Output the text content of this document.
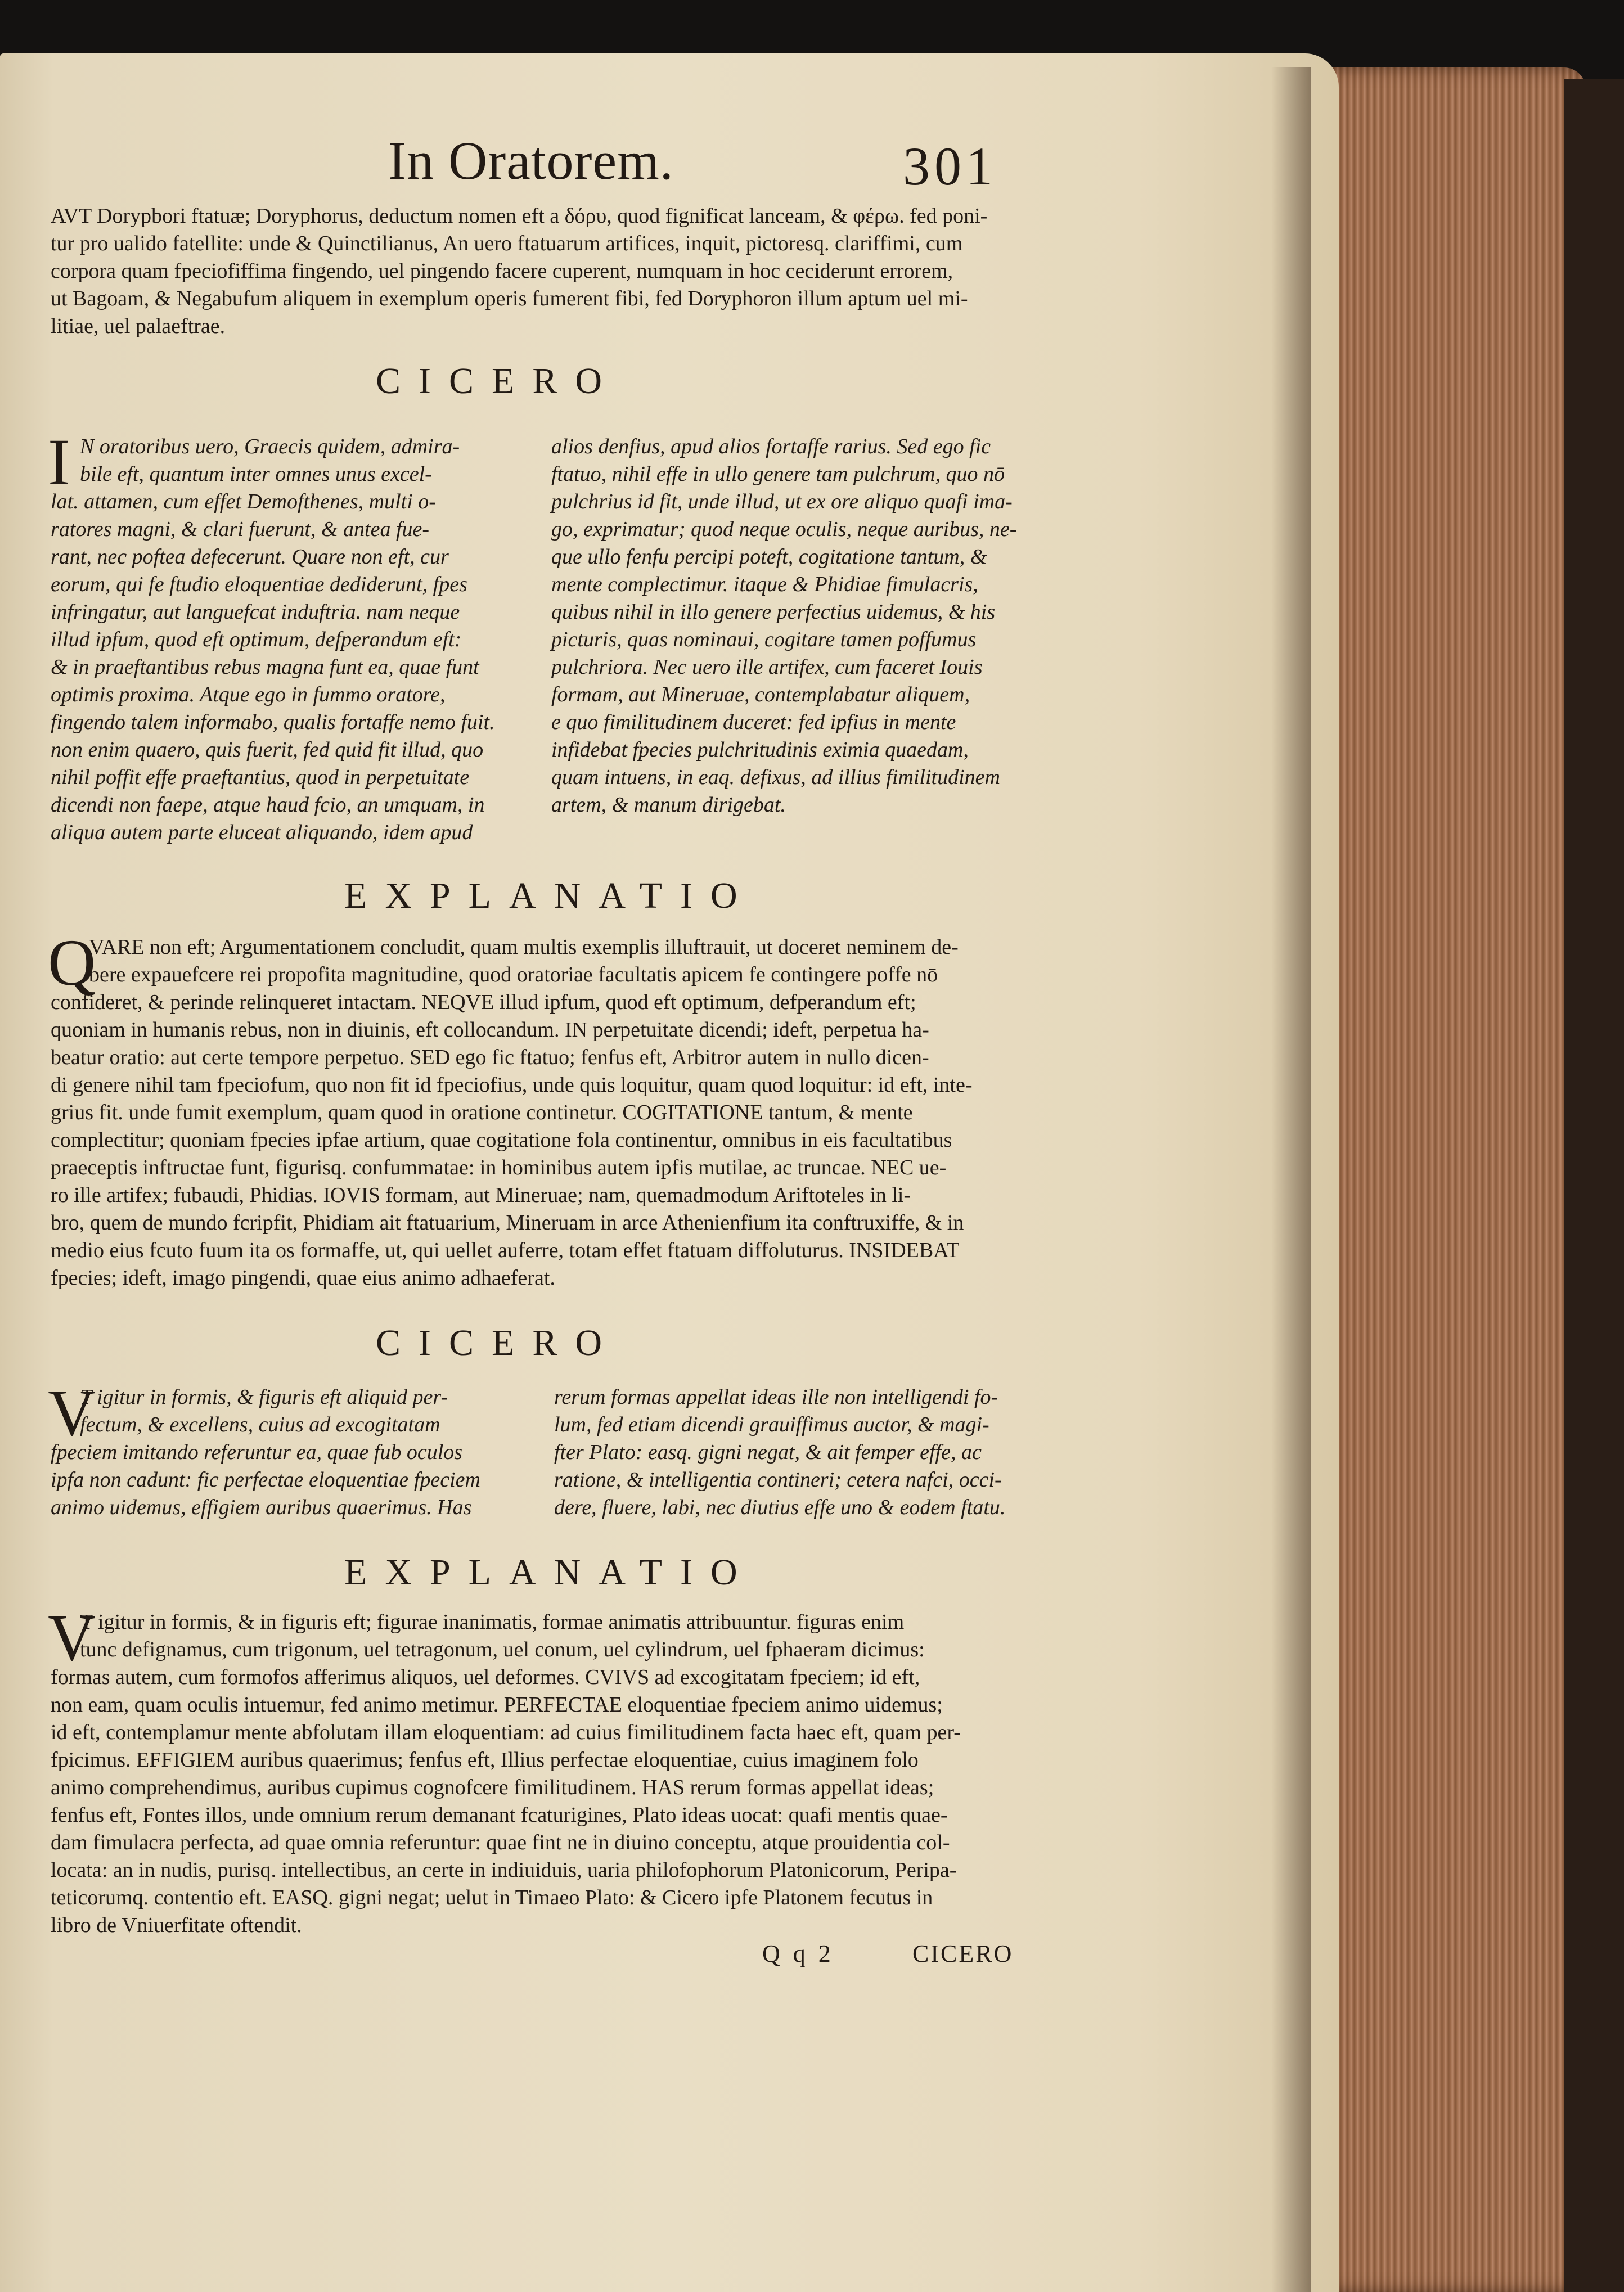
In Oratorem.	301
AVT Dorypbori ftatuæ; Doryphorus, deductum nomen eft a δόρυ, quod fignificat lanceam, & φέρω. fed poni-
tur pro ualido fatellite: unde & Quinctilianus, An uero ftatuarum artifices, inquit, pictoresq. clariffimi, cum
corpora quam fpeciofiffima fingendo, uel pingendo facere cuperent, numquam in hoc ceciderunt errorem,
ut Bagoam, & Negabufum aliquem in exemplum operis fumerent fibi, fed Doryphoron illum aptum uel mi-
litiae, uel palaeftrae.
CICERO
I N oratoribus uero, Graecis quidem, admira-
bile eft, quantum inter omnes unus excel-
lat. attamen, cum effet Demofthenes, multi o-
ratores magni, & clari fuerunt, & antea fue-
rant, nec poftea defecerunt. Quare non eft, cur
eorum, qui fe ftudio eloquentiae dediderunt, fpes
infringatur, aut languefcat induftria. nam neque
illud ipfum, quod eft optimum, defperandum eft:
& in praeftantibus rebus magna funt ea, quae funt
optimis proxima. Atque ego in fummo oratore,
fingendo talem informabo, qualis fortaffe nemo fuit.
non enim quaero, quis fuerit, fed quid fit illud, quo
nihil poffit effe praeftantius, quod in perpetuitate
dicendi non faepe, atque haud fcio, an umquam, in
aliqua autem parte eluceat aliquando, idem apud
alios denfius, apud alios fortaffe rarius. Sed ego fic
ftatuo, nihil effe in ullo genere tam pulchrum, quo nō
pulchrius id fit, unde illud, ut ex ore aliquo quafi ima-
go, exprimatur; quod neque oculis, neque auribus, ne-
que ullo fenfu percipi poteft, cogitatione tantum, &
mente complectimur. itaque & Phidiae fimulacris,
quibus nihil in illo genere perfectius uidemus, & his
picturis, quas nominaui, cogitare tamen poffumus
pulchriora. Nec uero ille artifex, cum faceret Iouis
formam, aut Mineruae, contemplabatur aliquem,
e quo fimilitudinem duceret: fed ipfius in mente
infidebat fpecies pulchritudinis eximia quaedam,
quam intuens, in eaq. defixus, ad illius fimilitudinem
artem, & manum dirigebat.
EXPLANATIO
Q
VARE non eft; Argumentationem concludit, quam multis exemplis illuftrauit, ut doceret neminem de-
bere expauefcere rei propofita magnitudine, quod oratoriae facultatis apicem fe contingere poffe nō
confideret, & perinde relinqueret intactam. NEQVE illud ipfum, quod eft optimum, defperandum eft;
quoniam in humanis rebus, non in diuinis, eft collocandum. IN perpetuitate dicendi; ideft, perpetua ha-
beatur oratio: aut certe tempore perpetuo. SED ego fic ftatuo; fenfus eft, Arbitror autem in nullo dicen-
di genere nihil tam fpeciofum, quo non fit id fpeciofius, unde quis loquitur, quam quod loquitur: id eft, inte-
grius fit. unde fumit exemplum, quam quod in oratione continetur. COGITATIONE tantum, & mente
complectitur; quoniam fpecies ipfae artium, quae cogitatione fola continentur, omnibus in eis facultatibus
praeceptis inftructae funt, figurisq. confummatae: in hominibus autem ipfis mutilae, ac truncae. NEC ue-
ro ille artifex; fubaudi, Phidias. IOVIS formam, aut Mineruae; nam, quemadmodum Ariftoteles in li-
bro, quem de mundo fcripfit, Phidiam ait ftatuarium, Mineruam in arce Athenienfium ita conftruxiffe, & in
medio eius fcuto fuum ita os formaffe, ut, qui uellet auferre, totam effet ftatuam diffoluturus. INSIDEBAT
fpecies; ideft, imago pingendi, quae eius animo adhaeferat.
CICERO
V
T igitur in formis, & figuris eft aliquid per-
fectum, & excellens, cuius ad excogitatam
fpeciem imitando referuntur ea, quae fub oculos
ipfa non cadunt: fic perfectae eloquentiae fpeciem
animo uidemus, effigiem auribus quaerimus. Has
rerum formas appellat ideas ille non intelligendi fo-
lum, fed etiam dicendi grauiffimus auctor, & magi-
fter Plato: easq. gigni negat, & ait femper effe, ac
ratione, & intelligentia contineri; cetera nafci, occi-
dere, fluere, labi, nec diutius effe uno & eodem ftatu.
EXPLANATIO
V
T igitur in formis, & in figuris eft; figurae inanimatis, formae animatis attribuuntur. figuras enim
tunc defignamus, cum trigonum, uel tetragonum, uel conum, uel cylindrum, uel fphaeram dicimus:
formas autem, cum formofos afferimus aliquos, uel deformes. CVIVS ad excogitatam fpeciem; id eft,
non eam, quam oculis intuemur, fed animo metimur. PERFECTAE eloquentiae fpeciem animo uidemus;
id eft, contemplamur mente abfolutam illam eloquentiam: ad cuius fimilitudinem facta haec eft, quam per-
fpicimus. EFFIGIEM auribus quaerimus; fenfus eft, Illius perfectae eloquentiae, cuius imaginem folo
animo comprehendimus, auribus cupimus cognofcere fimilitudinem. HAS rerum formas appellat ideas;
fenfus eft, Fontes illos, unde omnium rerum demanant fcaturigines, Plato ideas uocat: quafi mentis quae-
dam fimulacra perfecta, ad quae omnia referuntur: quae fint ne in diuino conceptu, atque prouidentia col-
locata: an in nudis, purisq. intellectibus, an certe in indiuiduis, uaria philofophorum Platonicorum, Peripa-
teticorumq. contentio eft. EASQ. gigni negat; uelut in Timaeo Plato: & Cicero ipfe Platonem fecutus in
libro de Vniuerfitate oftendit.
Q q 2	CICERO
